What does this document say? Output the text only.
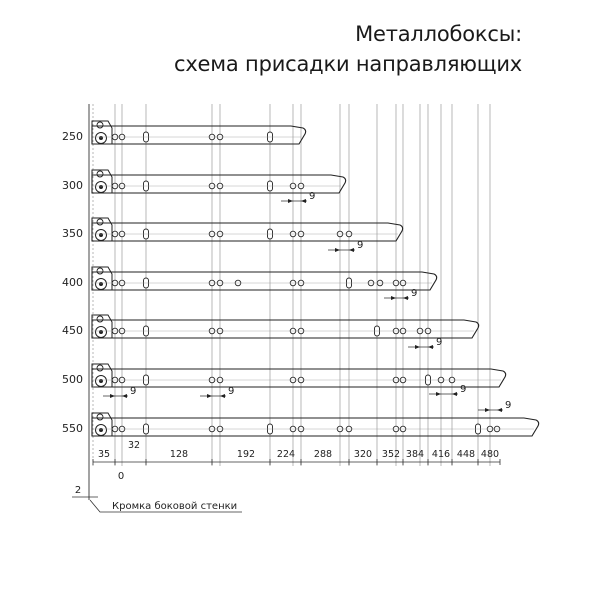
Металлобоксы:
схема присадки направляющих
250
300
350
400
450
500
550
9
9
9
9
9
9	9
9
35
32
128	192 224 288 320 352 384 416 448 480
0
2
Кромка боковой стенки
